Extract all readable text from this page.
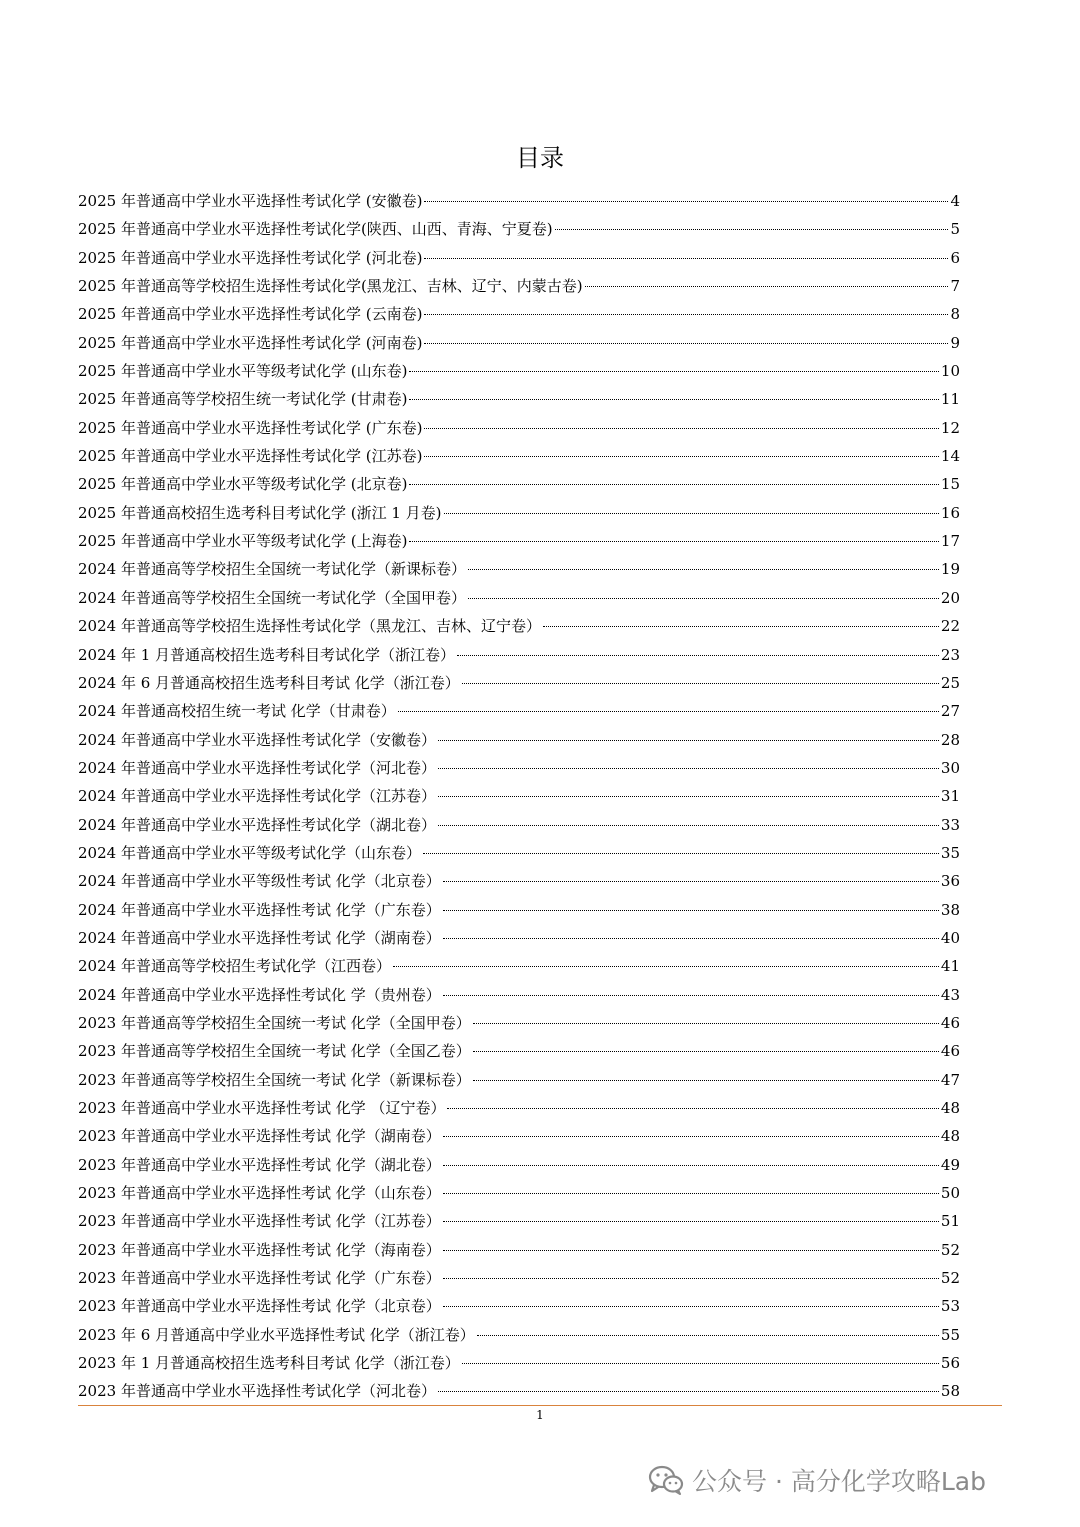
目录
2025 年普通高中学业水平选择性考试化学 (安徽卷)	4
2025 年普通高中学业水平选择性考试化学(陕西、山西、青海、宁夏卷)	5
2025 年普通高中学业水平选择性考试化学 (河北卷)	6
2025 年普通高等学校招生选择性考试化学(黑龙江、吉林、辽宁、内蒙古卷)	7
2025 年普通高中学业水平选择性考试化学 (云南卷)	8
2025 年普通高中学业水平选择性考试化学 (河南卷)	9
2025 年普通高中学业水平等级考试化学 (山东卷)	10
2025 年普通高等学校招生统一考试化学 (甘肃卷)	11
2025 年普通高中学业水平选择性考试化学 (广东卷)	12
2025 年普通高中学业水平选择性考试化学 (江苏卷)	14
2025 年普通高中学业水平等级考试化学 (北京卷)	15
2025 年普通高校招生选考科目考试化学 (浙江 1 月卷)	16
2025 年普通高中学业水平等级考试化学 (上海卷)	17
2024 年普通高等学校招生全国统一考试化学（新课标卷）	19
2024 年普通高等学校招生全国统一考试化学（全国甲卷）	20
2024 年普通高等学校招生选择性考试化学（黑龙江、吉林、辽宁卷）	22
2024 年 1 月普通高校招生选考科目考试化学（浙江卷）	23
2024 年 6 月普通高校招生选考科目考试 化学（浙江卷）	25
2024 年普通高校招生统一考试 化学（甘肃卷）	27
2024 年普通高中学业水平选择性考试化学（安徽卷）	28
2024 年普通高中学业水平选择性考试化学（河北卷）	30
2024 年普通高中学业水平选择性考试化学（江苏卷）	31
2024 年普通高中学业水平选择性考试化学（湖北卷）	33
2024 年普通高中学业水平等级考试化学（山东卷）	35
2024 年普通高中学业水平等级性考试 化学（北京卷）	36
2024 年普通高中学业水平选择性考试 化学（广东卷）	38
2024 年普通高中学业水平选择性考试 化学（湖南卷）	40
2024 年普通高等学校招生考试化学（江西卷）	41
2024 年普通高中学业水平选择性考试化 学（贵州卷）	43
2023 年普通高等学校招生全国统一考试 化学（全国甲卷）	46
2023 年普通高等学校招生全国统一考试 化学（全国乙卷）	46
2023 年普通高等学校招生全国统一考试 化学（新课标卷）	47
2023 年普通高中学业水平选择性考试 化学 （辽宁卷）	48
2023 年普通高中学业水平选择性考试 化学（湖南卷）	48
2023 年普通高中学业水平选择性考试 化学（湖北卷）	49
2023 年普通高中学业水平选择性考试 化学（山东卷）	50
2023 年普通高中学业水平选择性考试 化学（江苏卷）	51
2023 年普通高中学业水平选择性考试 化学（海南卷）	52
2023 年普通高中学业水平选择性考试 化学（广东卷）	52
2023 年普通高中学业水平选择性考试 化学（北京卷）	53
2023 年 6 月普通高中学业水平选择性考试 化学（浙江卷）	55
2023 年 1 月普通高校招生选考科目考试 化学（浙江卷）	56
2023 年普通高中学业水平选择性考试化学（河北卷）	58
1
公众号 · 高分化学攻略Lab
